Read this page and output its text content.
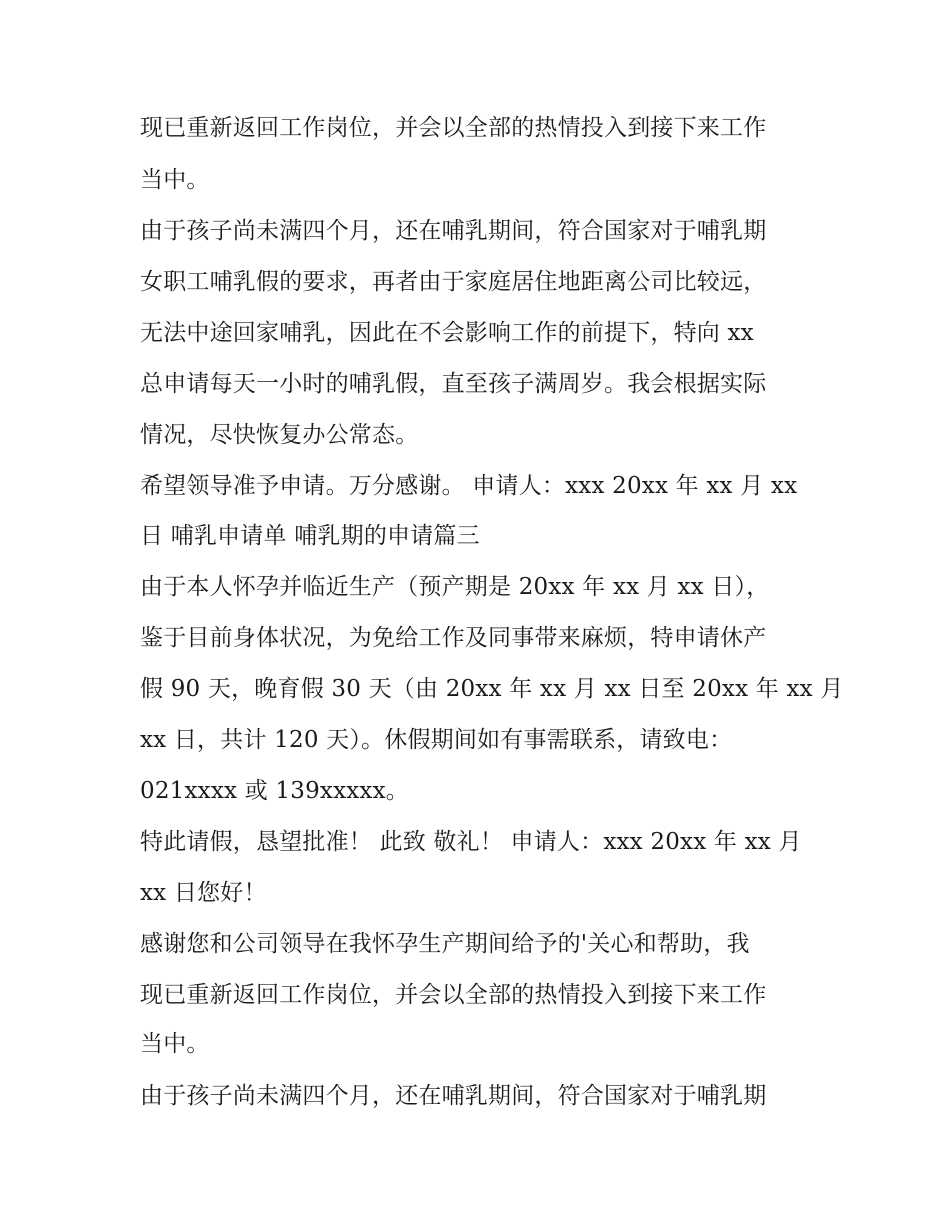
现已重新返回工作岗位，并会以全部的热情投入到接下来工作
当中。
由于孩子尚未满四个月，还在哺乳期间，符合国家对于哺乳期
女职工哺乳假的要求，再者由于家庭居住地距离公司比较远，
无法中途回家哺乳，因此在不会影响工作的前提下，特向 xx
总申请每天一小时的哺乳假，直至孩子满周岁。我会根据实际
情况，尽快恢复办公常态。
希望领导准予申请。万分感谢。 申请人：xxx 20xx 年 xx 月 xx
日 哺乳申请单 哺乳期的申请篇三
由于本人怀孕并临近生产（预产期是 20xx 年 xx 月 xx 日），
鉴于目前身体状况，为免给工作及同事带来麻烦，特申请休产
假 90 天，晚育假 30 天（由 20xx 年 xx 月 xx 日至 20xx 年 xx 月
xx 日，共计 120 天）。休假期间如有事需联系，请致电：
021xxxx 或 139xxxxx。
特此请假，恳望批准！ 此致 敬礼！ 申请人：xxx 20xx 年 xx 月
xx 日您好！
感谢您和公司领导在我怀孕生产期间给予的'关心和帮助，我
现已重新返回工作岗位，并会以全部的热情投入到接下来工作
当中。
由于孩子尚未满四个月，还在哺乳期间，符合国家对于哺乳期
